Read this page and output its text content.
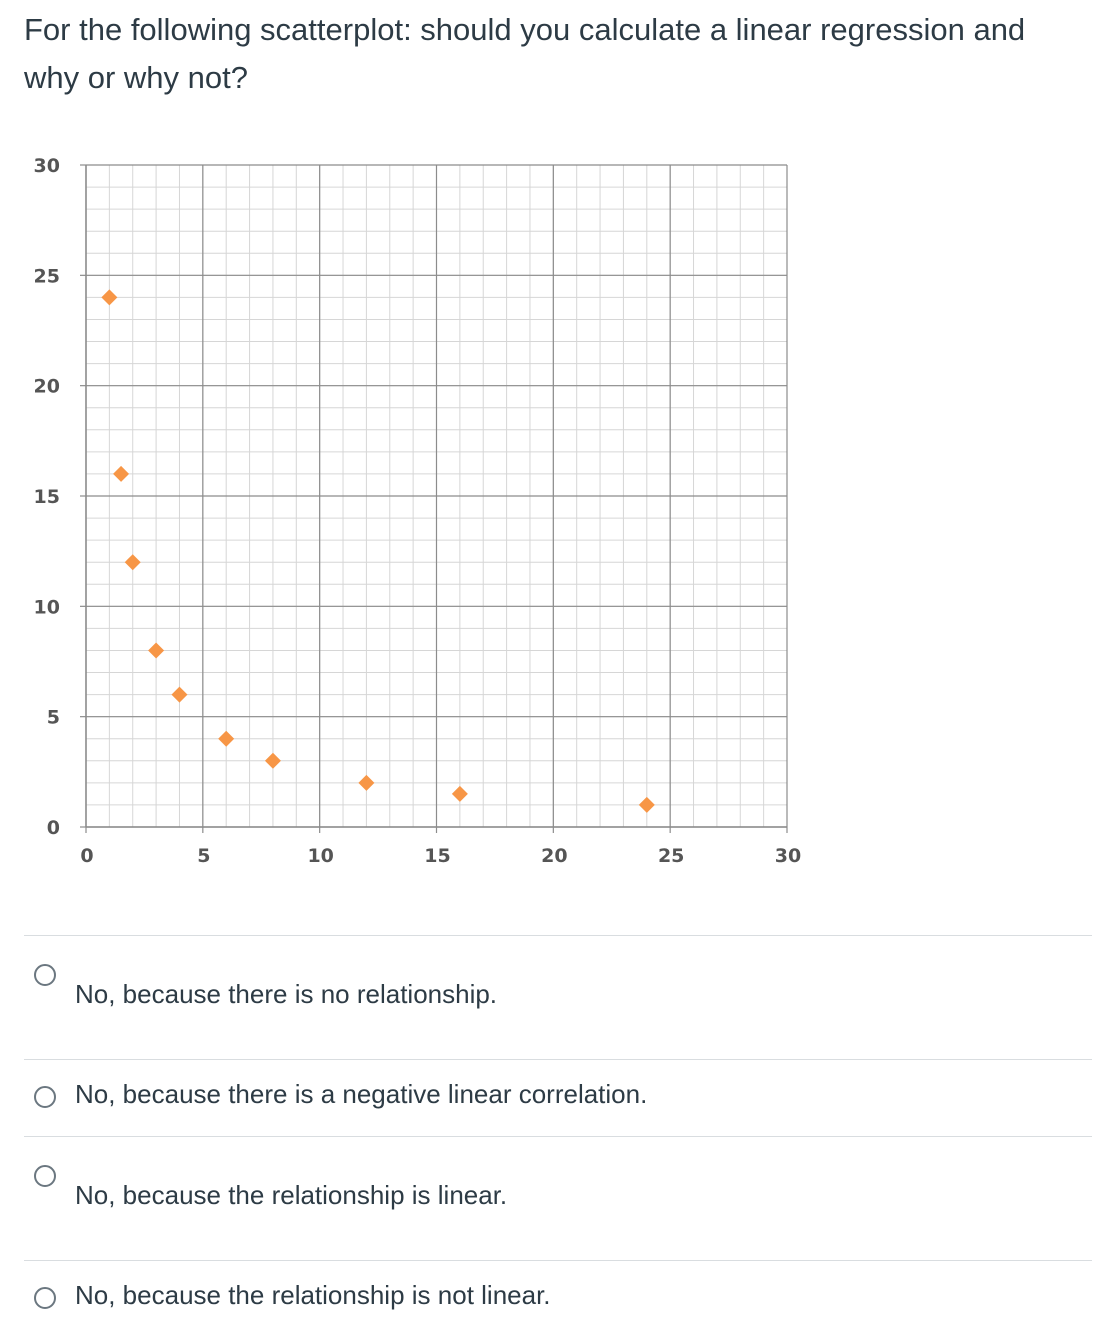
For the following scatterplot: should you calculate a linear regression and why or why not?
0
5
10
15
20
25
30
0	5	10	15	20	25	30
No, because there is no relationship.
No, because there is a negative linear correlation.
No, because the relationship is linear.
No, because the relationship is not linear.
